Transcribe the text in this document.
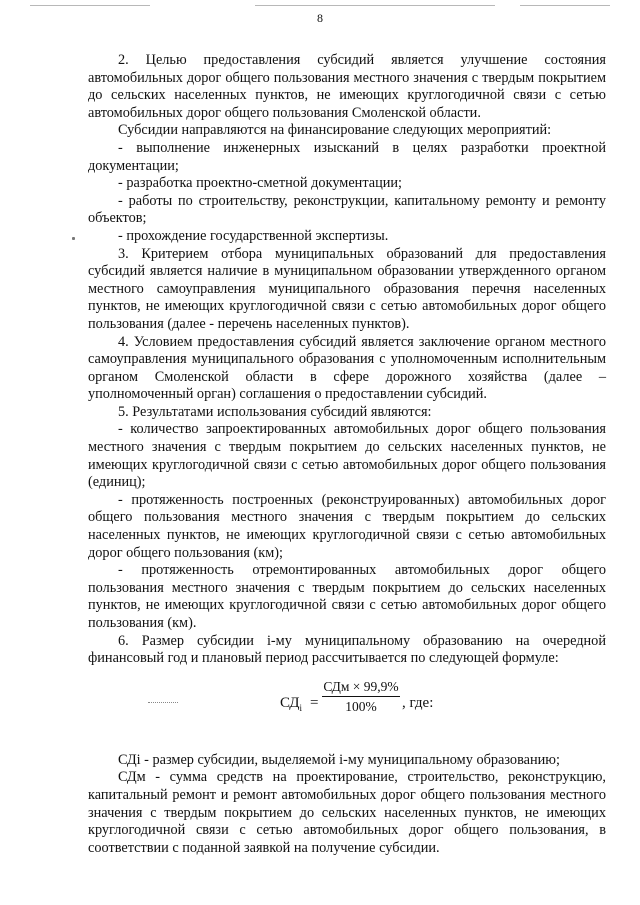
8

2. Целью предоставления субсидий является улучшение состояния автомобильных дорог общего пользования местного значения с твердым покрытием до сельских населенных пунктов, не имеющих круглогодичной связи с сетью автомобильных дорог общего пользования Смоленской области.

Субсидии направляются на финансирование следующих мероприятий:

- выполнение инженерных изысканий в целях разработки проектной документации;

- разработка проектно-сметной документации;

- работы по строительству, реконструкции, капитальному ремонту и ремонту объектов;

- прохождение государственной экспертизы.

3. Критерием отбора муниципальных образований для предоставления субсидий является наличие в муниципальном образовании утвержденного органом местного самоуправления муниципального образования перечня населенных пунктов, не имеющих круглогодичной связи с сетью автомобильных дорог общего пользования (далее - перечень населенных пунктов).

4. Условием предоставления субсидий является заключение органом местного самоуправления муниципального образования с уполномоченным исполнительным органом Смоленской области в сфере дорожного хозяйства (далее – уполномоченный орган) соглашения о предоставлении субсидий.

5. Результатами использования субсидий являются:

- количество запроектированных автомобильных дорог общего пользования местного значения с твердым покрытием до сельских населенных пунктов, не имеющих круглогодичной связи с сетью автомобильных дорог общего пользования (единиц);

- протяженность построенных (реконструированных) автомобильных дорог общего пользования местного значения с твердым покрытием до сельских населенных пунктов, не имеющих круглогодичной связи с сетью автомобильных дорог общего пользования (км);

- протяженность отремонтированных автомобильных дорог общего пользования местного значения с твердым покрытием до сельских населенных пунктов, не имеющих круглогодичной связи с сетью автомобильных дорог общего пользования (км).

6. Размер субсидии i-му муниципальному образованию на очередной финансовый год и плановый период рассчитывается по следующей формуле:

$СД_i$ =
СДм × 99,9%
100%	, где:

СДi - размер субсидии, выделяемой i-му муниципальному образованию;

СДм - сумма средств на проектирование, строительство, реконструкцию, капитальный ремонт и ремонт автомобильных дорог общего пользования местного значения с твердым покрытием до сельских населенных пунктов, не имеющих круглогодичной связи с сетью автомобильных дорог общего пользования, в соответствии с поданной заявкой на получение субсидии.
